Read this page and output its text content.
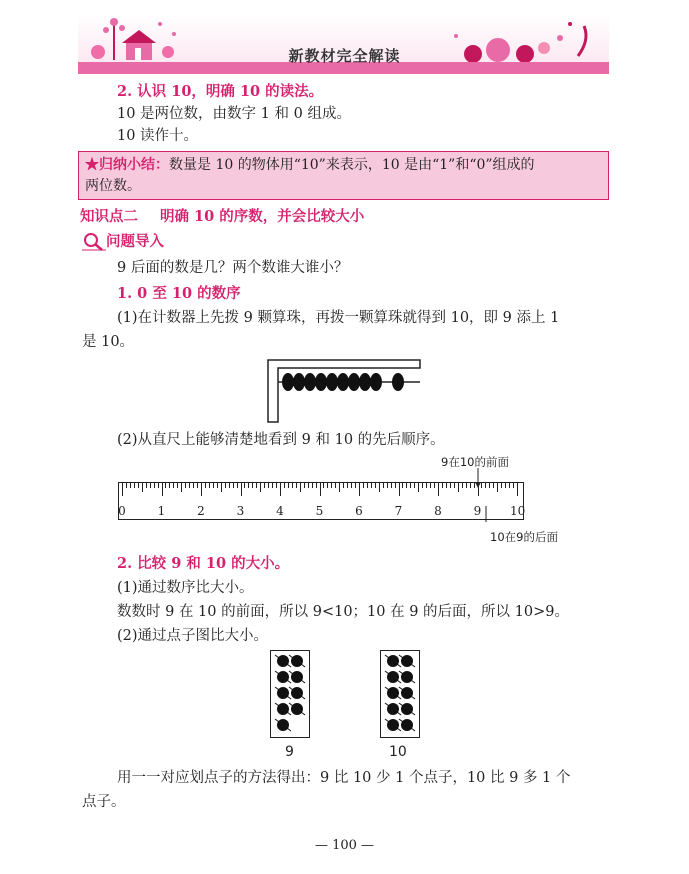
新教材完全解读

2. 认识 10，明确 10 的读法。

10 是两位数，由数字 1 和 0 组成。

10 读作十。

★归纳小结：数量是 10 的物体用“10”来表示，10 是由“1”和“0”组成的
两位数。

知识点二 明确 10 的序数，并会比较大小

问题导入

9 后面的数是几？两个数谁大谁小？

1. 0 至 10 的数序

(1)在计数器上先拨 9 颗算珠，再拨一颗算珠就得到 10，即 9 添上 1

是 10。

(2)从直尺上能够清楚地看到 9 和 10 的先后顺序。

0	1	2	3	4	5	6	7	8	9 10

9在10的前面

10在9的后面

2. 比较 9 和 10 的大小。

(1)通过数序比大小。

数数时 9 在 10 的前面，所以 9<10；10 在 9 的后面，所以 10>9。

(2)通过点子图比大小。

9	10

用一一对应划点子的方法得出：9 比 10 少 1 个点子，10 比 9 多 1 个

点子。

— 100 —
